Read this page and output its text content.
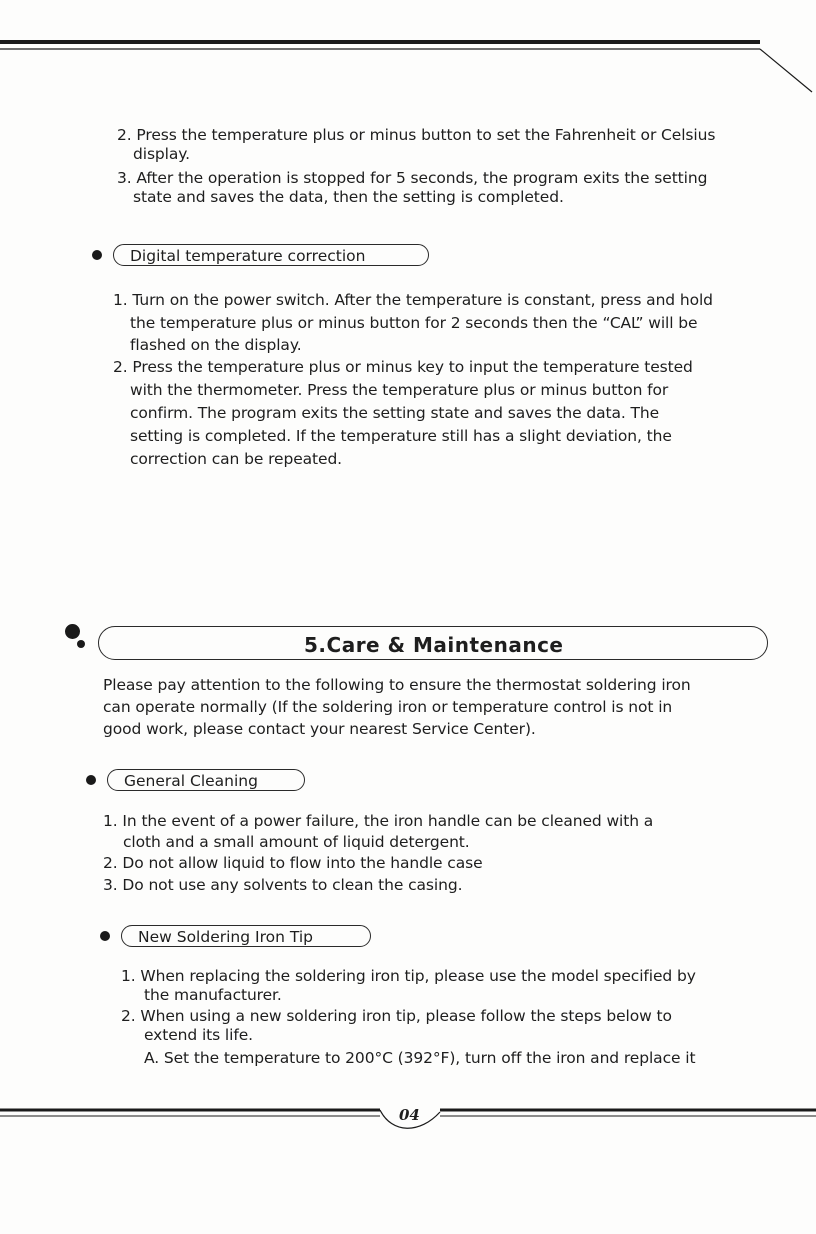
2. Press the temperature plus or minus button to set the Fahrenheit or Celsius
display.
3. After the operation is stopped for 5 seconds, the program exits the setting
state and saves the data, then the setting is completed.
Digital temperature correction
1. Turn on the power switch. After the temperature is constant, press and hold
the temperature plus or minus button for 2 seconds then the “CAL” will be
flashed on the display.
2. Press the temperature plus or minus key to input the temperature tested
with the thermometer. Press the temperature plus or minus button for
confirm. The program exits the setting state and saves the data. The
setting is completed. If the temperature still has a slight deviation, the
correction can be repeated.
5.Care & Maintenance
Please pay attention to the following to ensure the thermostat soldering iron
can operate normally (If the soldering iron or temperature control is not in
good work, please contact your nearest Service Center).
General Cleaning
1. In the event of a power failure, the iron handle can be cleaned with a
cloth and a small amount of liquid detergent.
2. Do not allow liquid to flow into the handle case
3. Do not use any solvents to clean the casing.
New Soldering Iron Tip
1. When replacing the soldering iron tip, please use the model specified by
the manufacturer.
2. When using a new soldering iron tip, please follow the steps below to
extend its life.
A. Set the temperature to 200°C (392°F), turn off the iron and replace it
04
